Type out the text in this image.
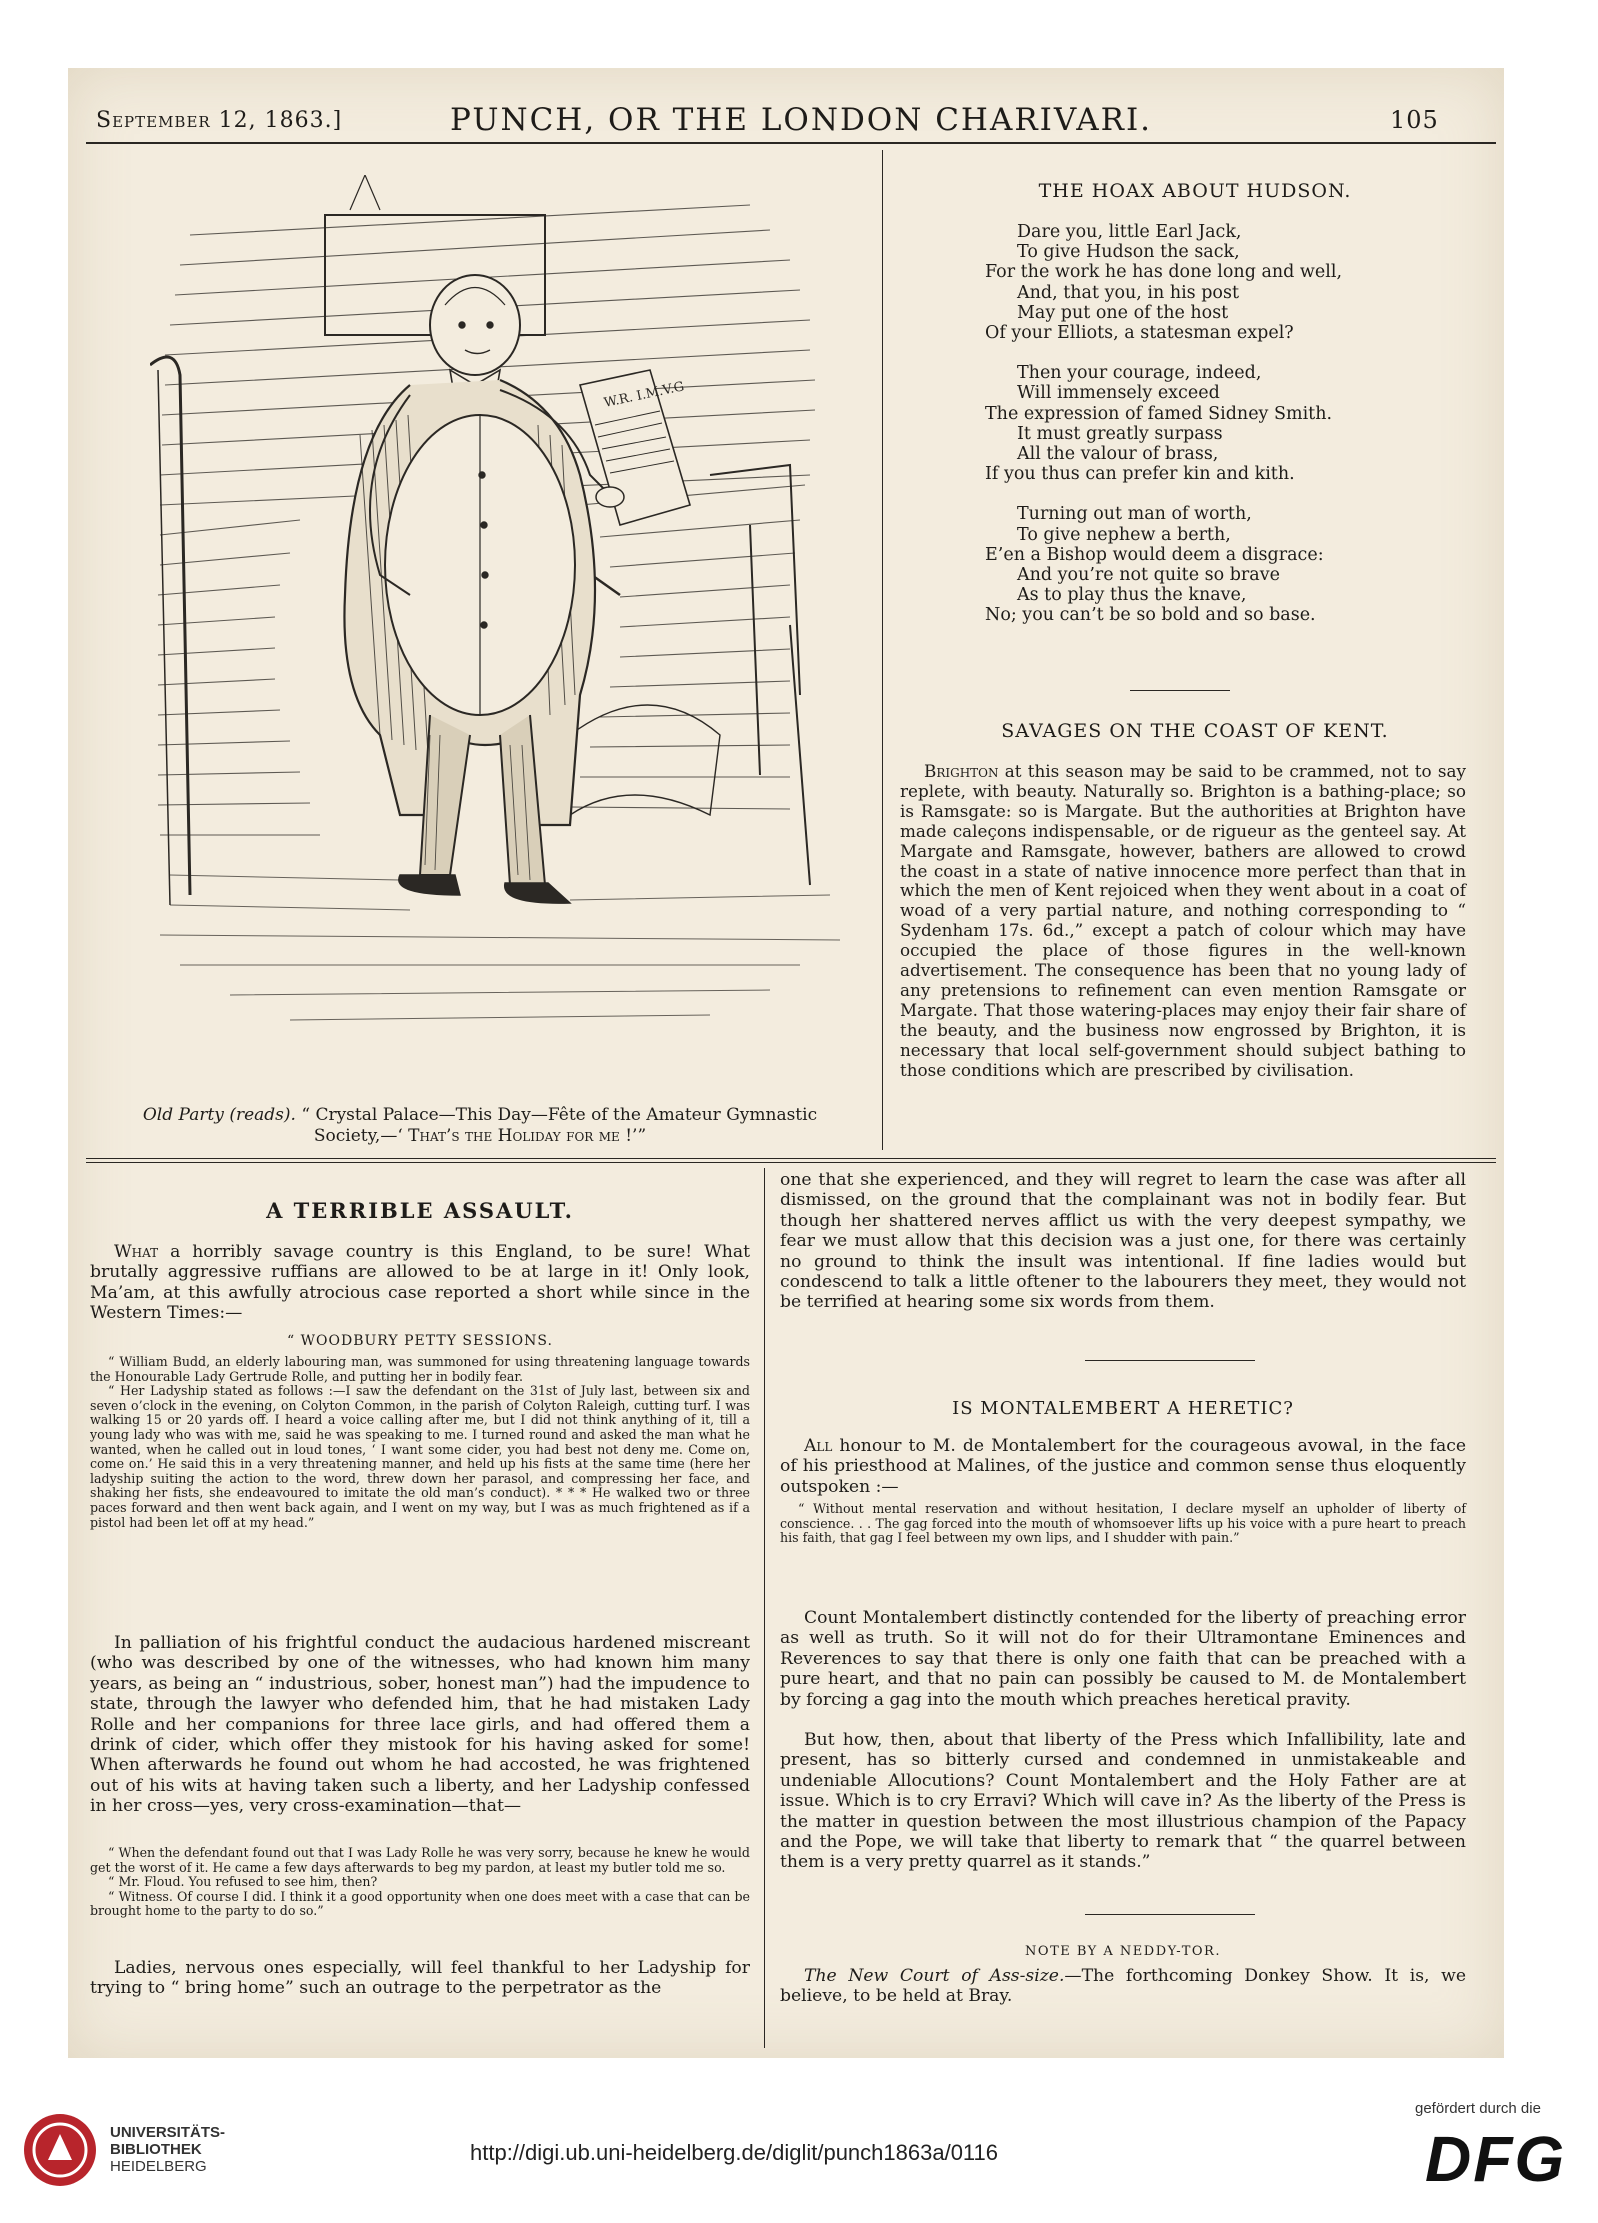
September 12, 1863.]	PUNCH, OR THE LONDON CHARIVARI.	105
W.R. I.M.V.G
Old Party (reads). “ Crystal Palace—This Day—Fête of the Amateur Gymnastic
Society,—‘ That’s the Holiday for me !’”
THE HOAX ABOUT HUDSON.

Dare you, little Earl Jack,

To give Hudson the sack,

For the work he has done long and well,

And, that you, in his post

May put one of the host

Of your Elliots, a statesman expel?

Then your courage, indeed,

Will immensely exceed

The expression of famed Sidney Smith.

It must greatly surpass

All the valour of brass,

If you thus can prefer kin and kith.

Turning out man of worth,

To give nephew a berth,

E’en a Bishop would deem a disgrace:

And you’re not quite so brave

As to play thus the knave,

No; you can’t be so bold and so base.

SAVAGES ON THE COAST OF KENT.

Brighton at this season may be said to be crammed, not to say replete, with beauty. Naturally so. Brighton is a bathing-place; so is Ramsgate: so is Margate. But the authorities at Brighton have made caleçons indispensable, or de rigueur as the genteel say. At Margate and Ramsgate, however, bathers are allowed to crowd the coast in a state of native innocence more perfect than that in which the men of Kent rejoiced when they went about in a coat of woad of a very partial nature, and nothing corresponding to “ Sydenham 17s. 6d.,” except a patch of colour which may have occupied the place of those figures in the well-known advertisement. The consequence has been that no young lady of any pretensions to refinement can even mention Ramsgate or Margate. That those watering-places may enjoy their fair share of the beauty, and the business now engrossed by Brighton, it is necessary that local self-government should subject bathing to those conditions which are prescribed by civilisation.

A TERRIBLE ASSAULT.

What a horribly savage country is this England, to be sure! What brutally aggressive ruffians are allowed to be at large in it! Only look, Ma’am, at this awfully atrocious case reported a short while since in the Western Times:—

“ WOODBURY PETTY SESSIONS.

“ William Budd, an elderly labouring man, was summoned for using threatening language towards the Honourable Lady Gertrude Rolle, and putting her in bodily fear.

“ Her Ladyship stated as follows :—I saw the defendant on the 31st of July last, between six and seven o’clock in the evening, on Colyton Common, in the parish of Colyton Raleigh, cutting turf. I was walking 15 or 20 yards off. I heard a voice calling after me, but I did not think anything of it, till a young lady who was with me, said he was speaking to me. I turned round and asked the man what he wanted, when he called out in loud tones, ‘ I want some cider, you had best not deny me. Come on, come on.’ He said this in a very threatening manner, and held up his fists at the same time (here her ladyship suiting the action to the word, threw down her parasol, and compressing her face, and shaking her fists, she endeavoured to imitate the old man’s conduct). * * * He walked two or three paces forward and then went back again, and I went on my way, but I was as much frightened as if a pistol had been let off at my head.”

In palliation of his frightful conduct the audacious hardened miscreant (who was described by one of the witnesses, who had known him many years, as being an “ industrious, sober, honest man”) had the impudence to state, through the lawyer who defended him, that he had mistaken Lady Rolle and her companions for three lace girls, and had offered them a drink of cider, which offer they mistook for his having asked for some! When afterwards he found out whom he had accosted, he was frightened out of his wits at having taken such a liberty, and her Ladyship confessed in her cross—yes, very cross-examination—that—

“ When the defendant found out that I was Lady Rolle he was very sorry, because he knew he would get the worst of it. He came a few days afterwards to beg my pardon, at least my butler told me so.

“ Mr. Floud. You refused to see him, then?

“ Witness. Of course I did. I think it a good opportunity when one does meet with a case that can be brought home to the party to do so.”

Ladies, nervous ones especially, will feel thankful to her Ladyship for trying to “ bring home” such an outrage to the perpetrator as the

one that she experienced, and they will regret to learn the case was after all dismissed, on the ground that the complainant was not in bodily fear. But though her shattered nerves afflict us with the very deepest sympathy, we fear we must allow that this decision was a just one, for there was certainly no ground to think the insult was intentional. If fine ladies would but condescend to talk a little oftener to the labourers they meet, they would not be terrified at hearing some six words from them.

IS MONTALEMBERT A HERETIC?

All honour to M. de Montalembert for the courageous avowal, in the face of his priesthood at Malines, of the justice and common sense thus eloquently outspoken :—

“ Without mental reservation and without hesitation, I declare myself an upholder of liberty of conscience. . . The gag forced into the mouth of whomsoever lifts up his voice with a pure heart to preach his faith, that gag I feel between my own lips, and I shudder with pain.”

Count Montalembert distinctly contended for the liberty of preaching error as well as truth. So it will not do for their Ultramontane Eminences and Reverences to say that there is only one faith that can be preached with a pure heart, and that no pain can possibly be caused to M. de Montalembert by forcing a gag into the mouth which preaches heretical pravity.

But how, then, about that liberty of the Press which Infallibility, late and present, has so bitterly cursed and condemned in unmistakeable and undeniable Allocutions? Count Montalembert and the Holy Father are at issue. Which is to cry Erravi? Which will cave in? As the liberty of the Press is the matter in question between the most illustrious champion of the Papacy and the Pope, we will take that liberty to remark that “ the quarrel between them is a very pretty quarrel as it stands.”

NOTE BY A NEDDY-TOR.

The New Court of Ass-size.—The forthcoming Donkey Show. It is, we believe, to be held at Bray.

UNIVERSITÄTS-
BIBLIOTHEK
HEIDELBERG
http://digi.ub.uni-heidelberg.de/diglit/punch1863a/0116
gefördert durch die
DFG
